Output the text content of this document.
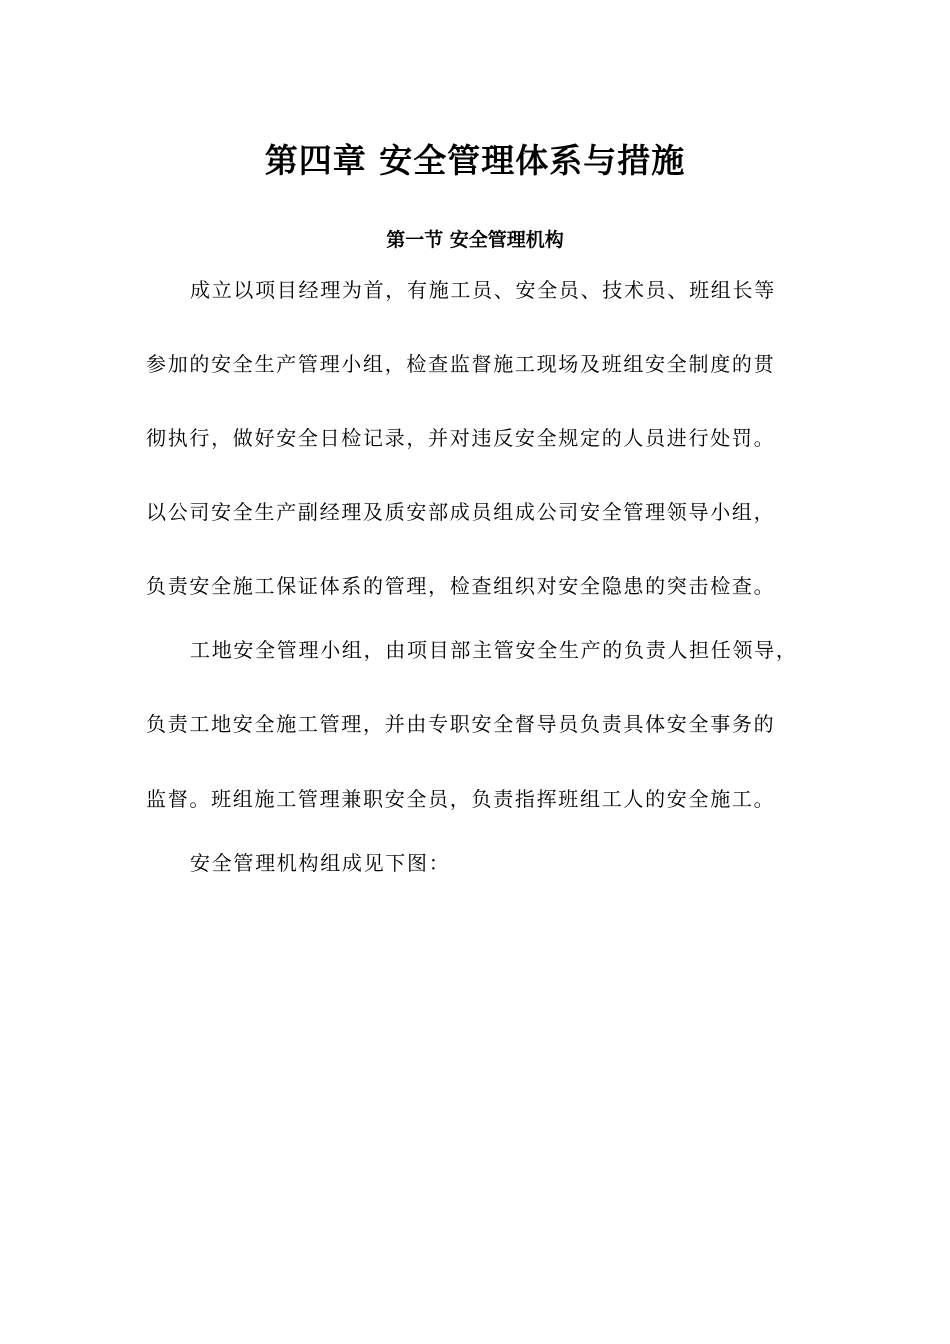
第四章 安全管理体系与措施
第一节 安全管理机构
成立以项目经理为首，有施工员、安全员、技术员、班组长等
参加的安全生产管理小组，检查监督施工现场及班组安全制度的贯
彻执行，做好安全日检记录，并对违反安全规定的人员进行处罚。
以公司安全生产副经理及质安部成员组成公司安全管理领导小组，
负责安全施工保证体系的管理，检查组织对安全隐患的突击检查。
工地安全管理小组，由项目部主管安全生产的负责人担任领导，
负责工地安全施工管理，并由专职安全督导员负责具体安全事务的
监督。班组施工管理兼职安全员，负责指挥班组工人的安全施工。
安全管理机构组成见下图：
